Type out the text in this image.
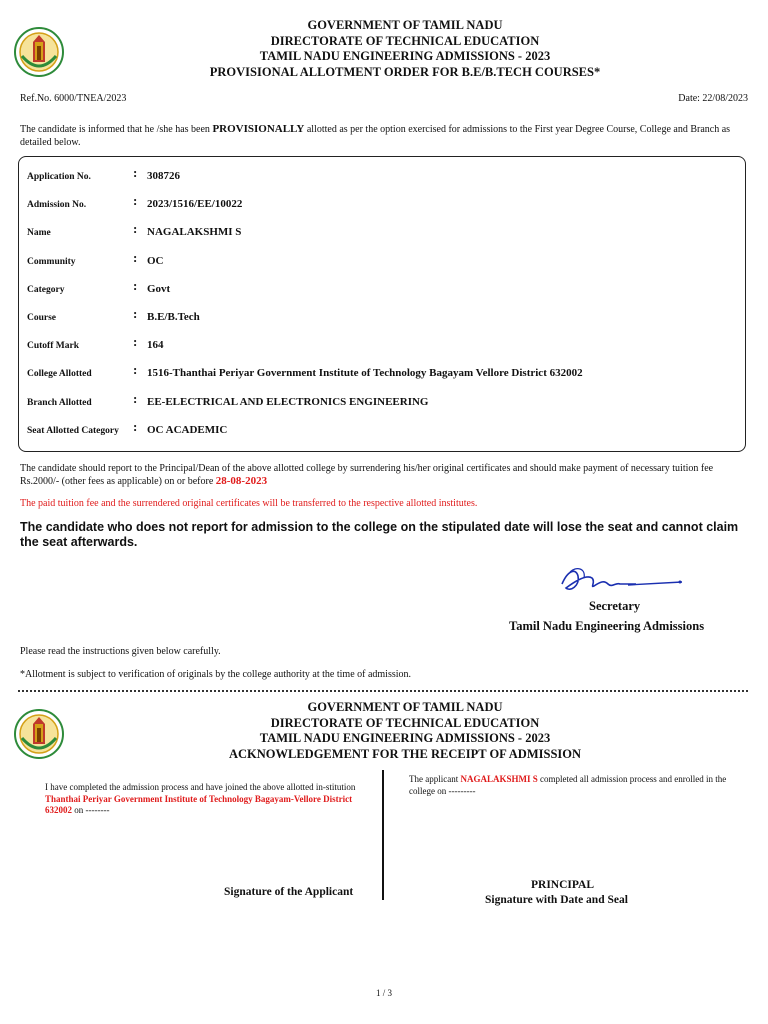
GOVERNMENT OF TAMIL NADU
DIRECTORATE OF TECHNICAL EDUCATION
TAMIL NADU ENGINEERING ADMISSIONS - 2023
PROVISIONAL ALLOTMENT ORDER FOR B.E/B.TECH COURSES*
Ref.No. 6000/TNEA/2023	Date: 22/08/2023
The candidate is informed that he /she has been PROVISIONALLY allotted as per the option exercised for admissions to the First year Degree Course, College and Branch as detailed below.
Application No.	: 308726
Admission No.	: 2023/1516/EE/10022
Name	: NAGALAKSHMI S
Community	: OC
Category	: Govt
Course	: B.E/B.Tech
Cutoff Mark	: 164
College Allotted	: 1516-Thanthai Periyar Government Institute of Technology Bagayam Vellore District 632002
Branch Allotted	: EE-ELECTRICAL AND ELECTRONICS ENGINEERING
Seat Allotted Category : OC ACADEMIC
The candidate should report to the Principal/Dean of the above allotted college by surrendering his/her original certificates and should make payment of necessary tuition fee Rs.2000/- (other fees as applicable) on or before 28-08-2023
The paid tuition fee and the surrendered original certificates will be transferred to the respective allotted institutes.
The candidate who does not report for admission to the college on the stipulated date will lose the seat and cannot claim the seat afterwards.
Secretary
Tamil Nadu Engineering Admissions
Please read the instructions given below carefully.
*Allotment is subject to verification of originals by the college authority at the time of admission.
GOVERNMENT OF TAMIL NADU
DIRECTORATE OF TECHNICAL EDUCATION
TAMIL NADU ENGINEERING ADMISSIONS - 2023
ACKNOWLEDGEMENT FOR THE RECEIPT OF ADMISSION
I have completed the admission process and have joined the above allotted in-stitution Thanthai Periyar Government Institute of Technology Bagayam-Vellore District 632002 on --------
The applicant NAGALAKSHMI S completed all admission process and enrolled in the college on ---------
Signature of the Applicant
PRINCIPAL
Signature with Date and Seal
1 / 3
